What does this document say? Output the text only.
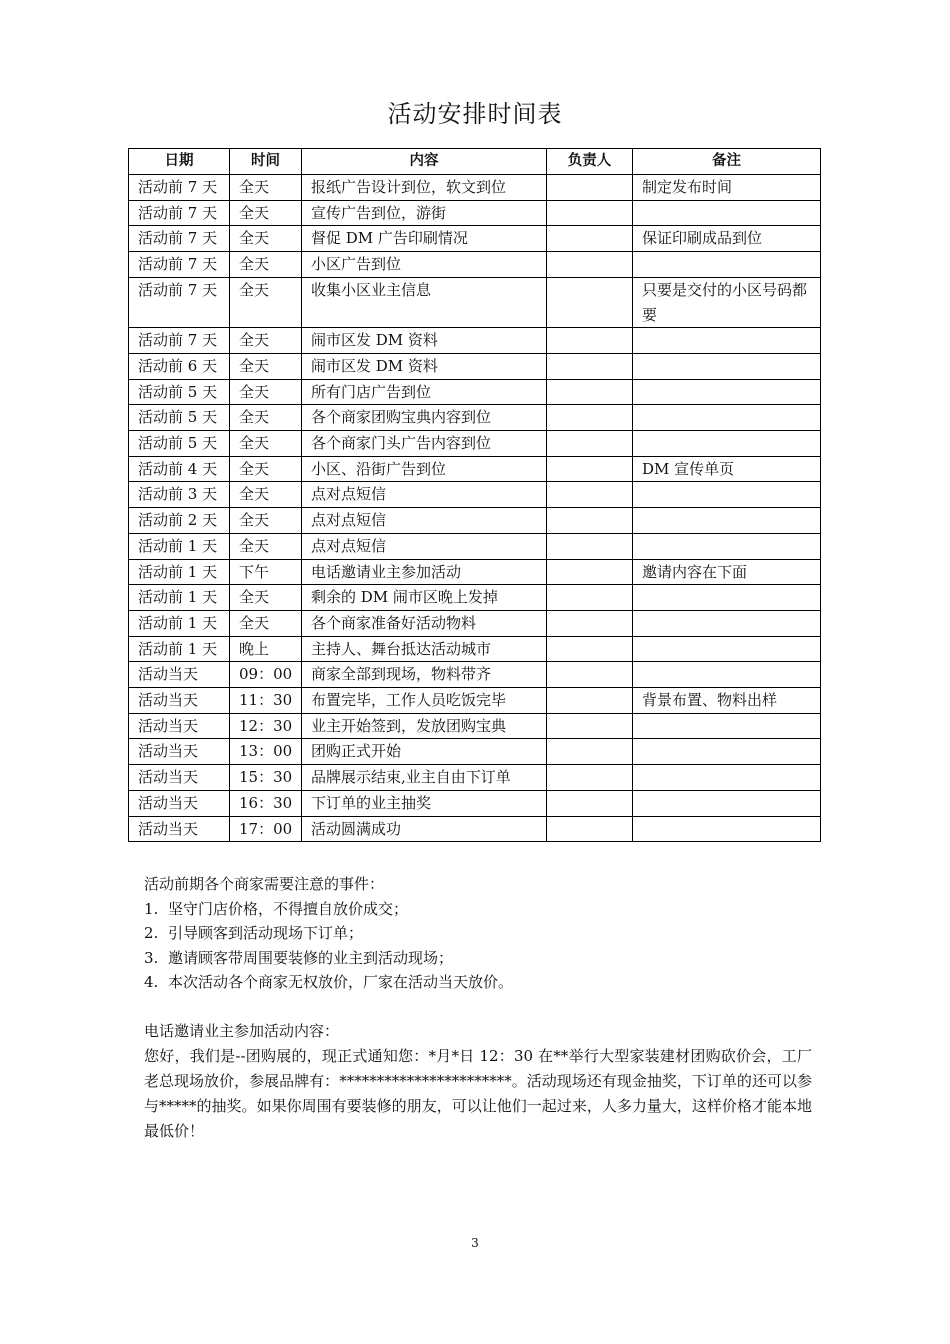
活动安排时间表
日期	时间	内容	负责人	备注
活动前 7 天	全天	报纸广告设计到位，软文到位		制定发布时间
活动前 7 天	全天	宣传广告到位，游街		
活动前 7 天	全天	督促 DM 广告印刷情况		保证印刷成品到位
活动前 7 天	全天	小区广告到位		
活动前 7 天	全天	收集小区业主信息		只要是交付的小区号码都要
活动前 7 天	全天	闹市区发 DM 资料		
活动前 6 天	全天	闹市区发 DM 资料		
活动前 5 天	全天	所有门店广告到位		
活动前 5 天	全天	各个商家团购宝典内容到位		
活动前 5 天	全天	各个商家门头广告内容到位		
活动前 4 天	全天	小区、沿街广告到位		DM 宣传单页
活动前 3 天	全天	点对点短信		
活动前 2 天	全天	点对点短信		
活动前 1 天	全天	点对点短信		
活动前 1 天	下午	电话邀请业主参加活动		邀请内容在下面
活动前 1 天	全天	剩余的 DM 闹市区晚上发掉		
活动前 1 天	全天	各个商家准备好活动物料		
活动前 1 天	晚上	主持人、舞台抵达活动城市		
活动当天	09：00	商家全部到现场，物料带齐		
活动当天	11：30	布置完毕，工作人员吃饭完毕		背景布置、物料出样
活动当天	12：30	业主开始签到，发放团购宝典		
活动当天	13：00	团购正式开始		
活动当天	15：30	品牌展示结束,业主自由下订单		
活动当天	16：30	下订单的业主抽奖		
活动当天	17：00	活动圆满成功		
活动前期各个商家需要注意的事件：
1. 坚守门店价格，不得擅自放价成交；
2. 引导顾客到活动现场下订单；
3. 邀请顾客带周围要装修的业主到活动现场；
4. 本次活动各个商家无权放价，厂家在活动当天放价。

电话邀请业主参加活动内容：

您好，我们是--团购展的，现正式通知您：*月*日 12：30 在**举行大型家装建材团购砍价会，工厂老总现场放价，参展品牌有：***********************。活动现场还有现金抽奖，下订单的还可以参与*****的抽奖。如果你周围有要装修的朋友，可以让他们一起过来，人多力量大，这样价格才能本地最低价！

3
